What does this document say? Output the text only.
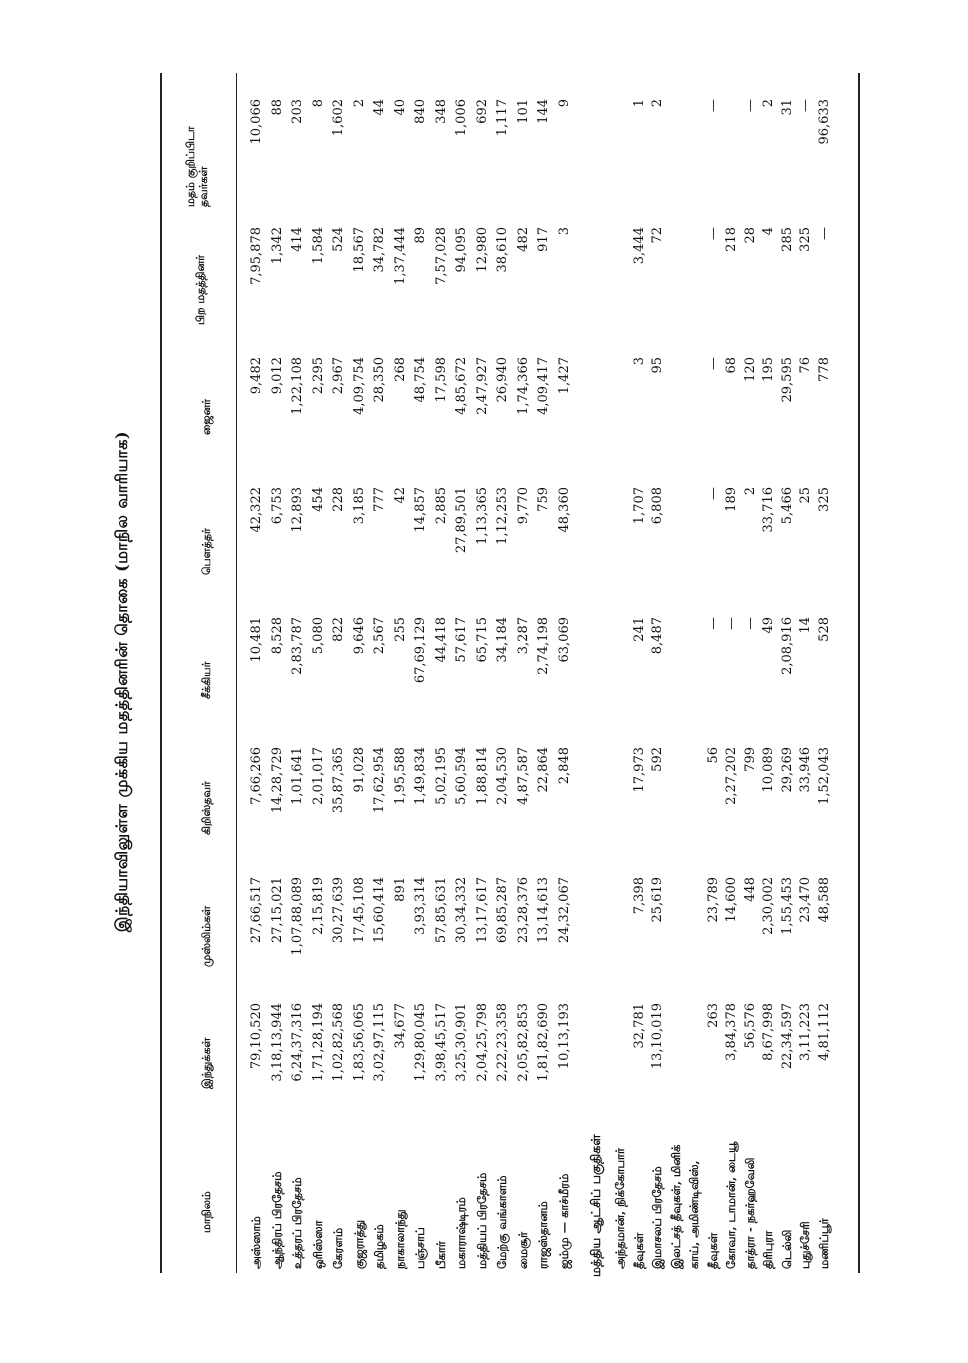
இந்தியாவிலுள்ள முக்கிய மதத்தினரின் தொகை (மாநில வாரியாக)
மாநிலம்
இந்துக்கள்
முஸ்லிம்கள்
கிறிஸ்தவர்
சீக்கியர்
பௌத்தர்
ஜைனர்
பிற மதத்தினர்
மதம் குறிப்பிடா தவர்கள்
அஸ்ஸாம்
79,10,520
27,66,517
7,66,266
10,481
42,322
9,482
7,95,878
10,066
ஆந்திரப் பிரதேசம்
3,18,13,944
27,15,021
14,28,729
8,528
6,753
9,012
1,342
88
உத்தரப் பிரதேசம்
6,24,37,316
1,07,88,089
1,01,641
2,83,787
12,893
1,22,108
414
203
ஒரிஸ்ஸா
1,71,28,194
2,15,819
2,01,017
5,080
454
2,295
1,584
8
கேரளம்
1,02,82,568
30,27,639
35,87,365
822
228
2,967
524
1,602
குஜராத்து
1,83,56,065
17,45,108
91,028
9,646
3,185
4,09,754
18,567
2
தமிழகம்
3,02,97,115
15,60,414
17,62,954
2,567
777
28,350
34,782
44
நாகாலாந்து
34,677
891
1,95,588
255
42
268
1,37,444
40
பஞ்சாப்
1,29,80,045
3,93,314
1,49,834
67,69,129
14,857
48,754
89
840
பீகார்
3,98,45,517
57,85,631
5,02,195
44,418
2,885
17,598
7,57,028
348
மகாராஷ்டிரம்
3,25,30,901
30,34,332
5,60,594
57,617
27,89,501
4,85,672
94,095
1,006
மத்தியப் பிரதேசம்
2,04,25,798
13,17,617
1,88,814
65,715
1,13,365
2,47,927
12,980
692
மேற்கு வங்காளம்
2,22,23,358
69,85,287
2,04,530
34,184
1,12,253
26,940
38,610
1,117
மைசூர்
2,05,82,853
23,28,376
4,87,587
3,287
9,770
1,74,366
482
101
ராஜஸ்தானம்
1,81,82,690
13,14,613
22,864
2,74,198
759
4,09,417
917
144
ஜம்மு — காச்மீரம்
10,13,193
24,32,067
2,848
63,069
48,360
1,427
3
9
அந்தமான், நிக்கோபார் தீவுகள்
32,781
7,398
17,973
241
1,707
3
3,444
1
இமாசலப் பிரதேசம்
13,10,019
25,619
592
8,487
6,808
95
72
2
இலட்சத் தீவுகள், மினிக் காய், அமிண்டிவிஸ், தீவுகள்
263
23,789
56
—
—
—
—
—
கோவா, டாமான், டையூ
3,84,378
14,600
2,27,202
—
189
68
218
தாத்ரா - நகர்ஹவேலி
56,576
448
799
—
2
120
28
—
திரிபுரா
8,67,998
2,30,002
10,089
49
33,716
195
4
2
டெல்லி
22,34,597
1,55,453
29,269
2,08,916
5,466
29,595
285
31
புதுச்சேரி
3,11,223
23,470
33,946
14
25
76
325
—
மணிப்பூர்
4,81,112
48,588
1,52,043
528
325
778
—
96,633
மத்திய ஆட்சிப் பகுதிகள்
